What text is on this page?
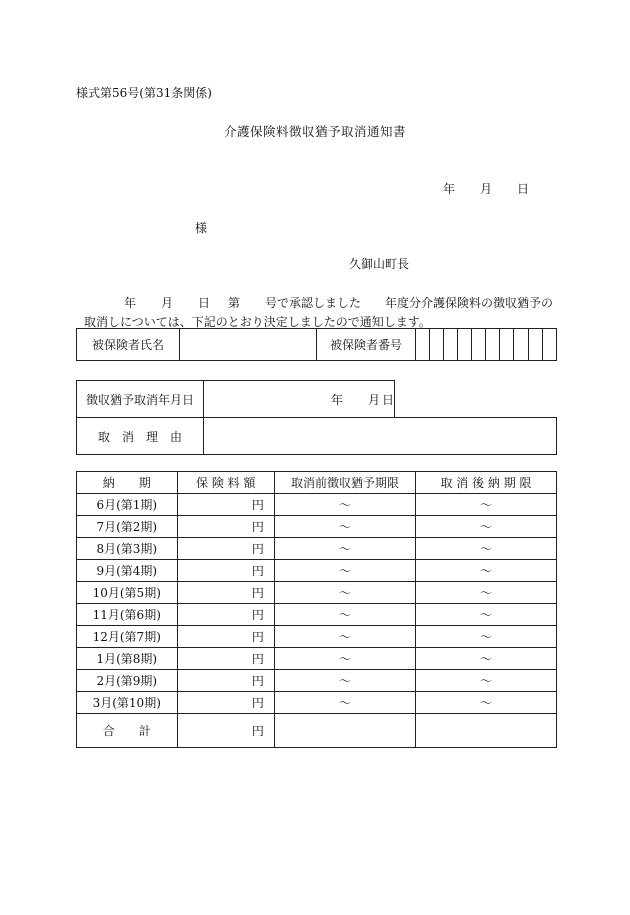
様式第56号(第31条関係)
介護保険料徴収猶予取消通知書
年 月 日
様
久御山町長
年 月 日 第 号で承認しました　　年度分介護保険料の徴収猶予の
取消しについては、下記のとおり決定しましたので通知します。
被保険者氏名		被保険者番号										
徴収猶予取消年月日	年 月 日	
取　消　理　由		
納　　期	保 険 料 額	取消前徴収猶予期限	取 消 後 納 期 限
6月(第1期)	円	～	～
7月(第2期)	円	～	～
8月(第3期)	円	～	～
9月(第4期)	円	～	～
10月(第5期)	円	～	～
11月(第6期)	円	～	～
12月(第7期)	円	～	～
1月(第8期)	円	～	～
2月(第9期)	円	～	～
3月(第10期)	円	～	～
合　　計	円		
